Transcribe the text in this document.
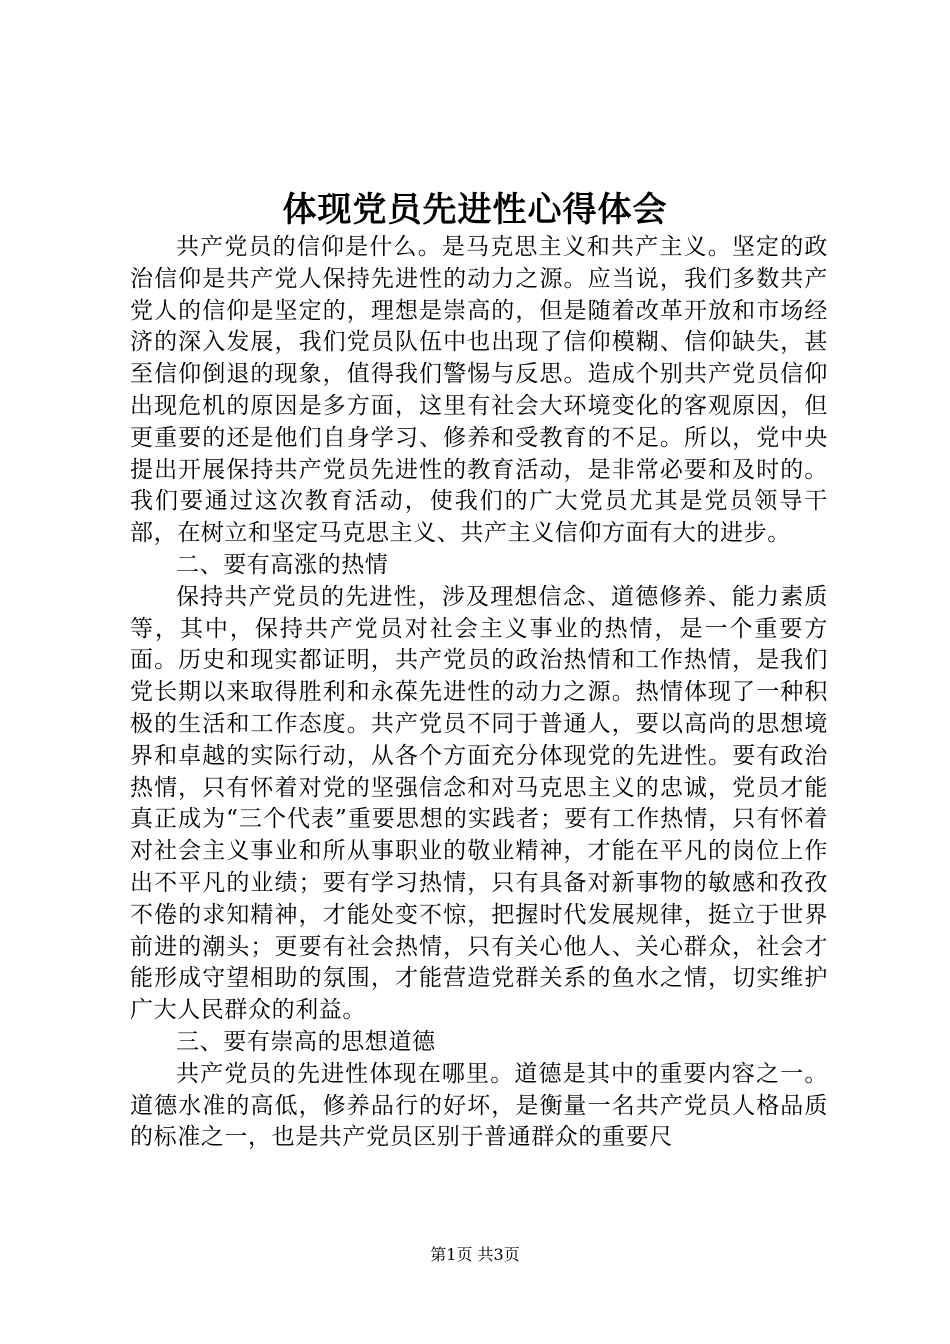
体现党员先进性心得体会

共产党员的信仰是什么。是马克思主义和共产主义。坚定的政治信仰是共产党人保持先进性的动力之源。应当说，我们多数共产党人的信仰是坚定的，理想是崇高的，但是随着改革开放和市场经济的深入发展，我们党员队伍中也出现了信仰模糊、信仰缺失，甚至信仰倒退的现象，值得我们警惕与反思。造成个别共产党员信仰出现危机的原因是多方面，这里有社会大环境变化的客观原因，但更重要的还是他们自身学习、修养和受教育的不足。所以，党中央提出开展保持共产党员先进性的教育活动，是非常必要和及时的。我们要通过这次教育活动，使我们的广大党员尤其是党员领导干部，在树立和坚定马克思主义、共产主义信仰方面有大的进步。

二、要有高涨的热情

保持共产党员的先进性，涉及理想信念、道德修养、能力素质等，其中，保持共产党员对社会主义事业的热情，是一个重要方面。历史和现实都证明，共产党员的政治热情和工作热情，是我们党长期以来取得胜利和永葆先进性的动力之源。热情体现了一种积极的生活和工作态度。共产党员不同于普通人，要以高尚的思想境界和卓越的实际行动，从各个方面充分体现党的先进性。要有政治热情，只有怀着对党的坚强信念和对马克思主义的忠诚，党员才能真正成为“三个代表”重要思想的实践者；要有工作热情，只有怀着对社会主义事业和所从事职业的敬业精神，才能在平凡的岗位上作出不平凡的业绩；要有学习热情，只有具备对新事物的敏感和孜孜不倦的求知精神，才能处变不惊，把握时代发展规律，挺立于世界前进的潮头；更要有社会热情，只有关心他人、关心群众，社会才能形成守望相助的氛围，才能营造党群关系的鱼水之情，切实维护广大人民群众的利益。

三、要有崇高的思想道德

共产党员的先进性体现在哪里。道德是其中的重要内容之一。道德水准的高低，修养品行的好坏，是衡量一名共产党员人格品质的标准之一，也是共产党员区别于普通群众的重要尺

第1页 共3页
